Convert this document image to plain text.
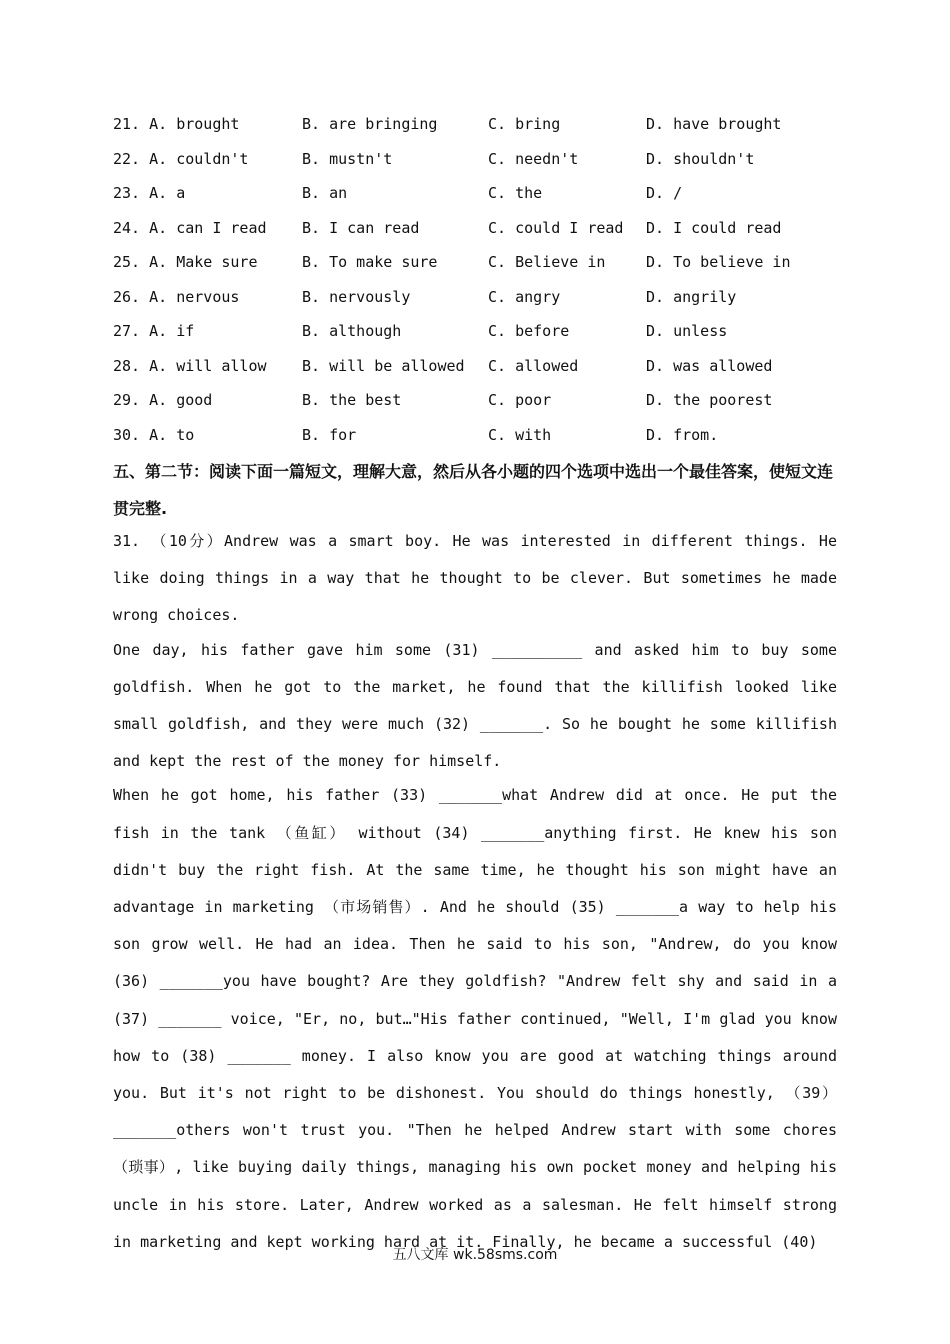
21. A. brought	B. are bringing	C. bring	D. have brought
22. A. couldn't	B. mustn't	C. needn't	D. shouldn't
23. A. a	B. an	C. the	D. /
24. A. can I read B. I can read	C. could I read D. I could read
25. A. Make sure	B. To make sure	C. Believe in	D. To believe in
26. A. nervous	B. nervously	C. angry	D. angrily
27. A. if	B. although	C. before	D. unless
28. A. will allow B. will be allowed C. allowed	D. was allowed
29. A. good	B. the best	C. poor	D. the poorest
30. A. to	B. for	C. with	D. from.
五、第二节：阅读下面一篇短文，理解大意，然后从各小题的四个选项中选出一个最佳答案，使短文连贯完整.

31. （10分）Andrew was a smart boy. He was interested in different things. He like doing things in a way that he thought to be clever. But sometimes he made wrong choices.

One day, his father gave him some (31) __________ and asked him to buy some goldfish. When he got to the market, he found that the killifish looked like small goldfish, and they were much (32) _______. So he bought he some killifish and kept the rest of the money for himself.

When he got home, his father (33) _______what Andrew did at once. He put the fish in the tank （鱼缸） without (34) _______anything first. He knew his son didn't buy the right fish. At the same time, he thought his son might have an advantage in marketing （市场销售）. And he should (35) _______a way to help his son grow well. He had an idea. Then he said to his son, "Andrew, do you know (36) _______you have bought? Are they goldfish? "Andrew felt shy and said in a (37) _______ voice, "Er, no, but…"His father continued, "Well, I'm glad you know how to (38) _______ money. I also know you are good at watching things around you. But it's not right to be dishonest. You should do things honestly, （39） _______others won't trust you. "Then he helped Andrew start with some chores （琐事）, like buying daily things, managing his own pocket money and helping his uncle in his store. Later, Andrew worked as a salesman. He felt himself strong in marketing and kept working hard at it. Finally, he became a successful (40)

五八文库 wk.58sms.com
